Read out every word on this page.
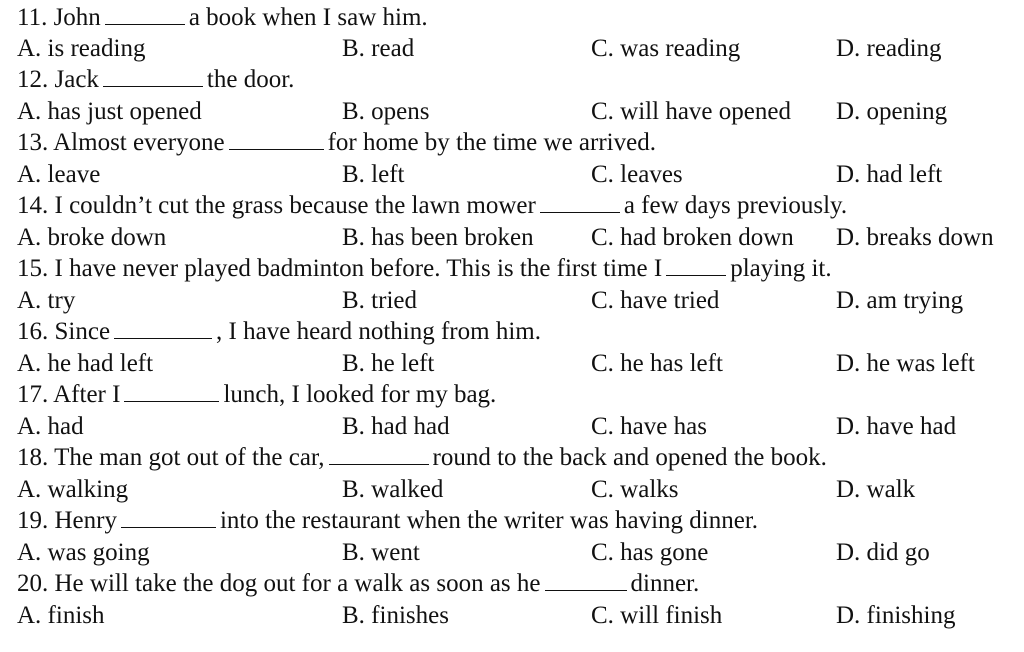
11. John	a book when I saw him.
A. is reading	B. read	C. was reading	D. reading
12. Jack	the door.
A. has just opened	B. opens	C. will have opened D. opening
13. Almost everyone	for home by the time we arrived.
A. leave	B. left	C. leaves	D. had left
14. I couldn’t cut the grass because the lawn mower	a few days previously.
A. broke down	B. has been broken C. had broken down D. breaks down
15. I have never played badminton before. This is the first time I	playing it.
A. try	B. tried	C. have tried	D. am trying
16. Since	, I have heard nothing from him.
A. he had left	B. he left	C. he has left	D. he was left
17. After I	lunch, I looked for my bag.
A. had	B. had had	C. have has	D. have had
18. The man got out of the car,	round to the back and opened the book.
A. walking	B. walked	C. walks	D. walk
19. Henry	into the restaurant when the writer was having dinner.
A. was going	B. went	C. has gone	D. did go
20. He will take the dog out for a walk as soon as he	dinner.
A. finish	B. finishes	C. will finish	D. finishing
